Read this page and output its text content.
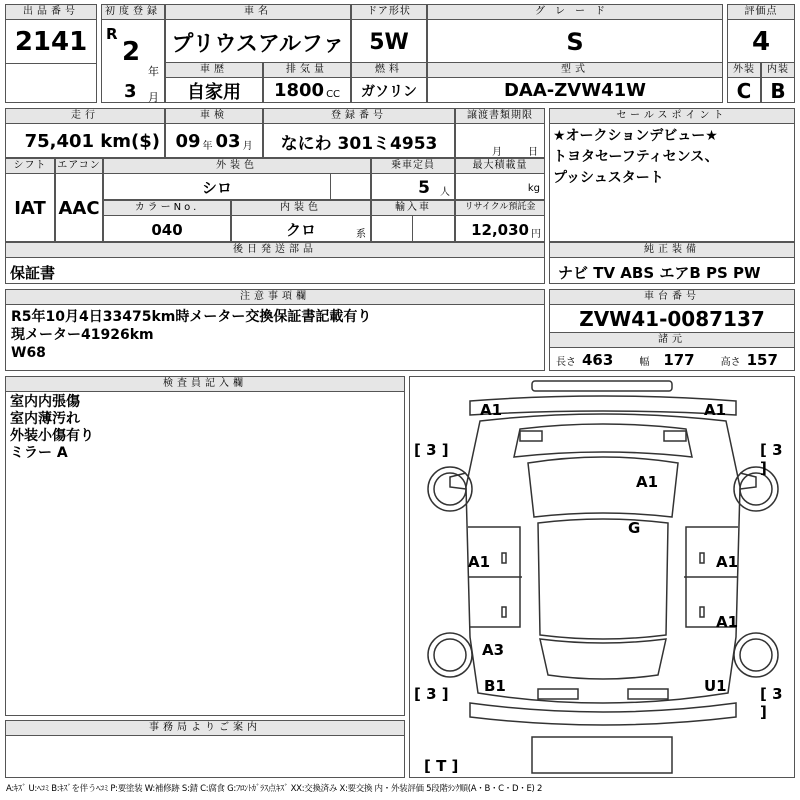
出品番号
2141
初度登録
R
2
年
3 月
車名
プリウスアルファ
ドア形状
5W
グレード
S
評価点
4
車歴
自家用
排気量
1800 CC
燃料
ガソリン
型式
DAA-ZVW41W
外装
C
内装
B
走行
75,401 km($)
車検
09 年 03 月
登録番号
なにわ 301ミ4953
譲渡書類期限
月	日
セールスポイント
★オークションデビュー★
トヨタセーフティセンス、
プッシュスタート
シフト
IAT
エアコン
AAC
外装色
シロ
乗車定員
5 人
最大積載量
kg
カラーNo.
040
内装色
クロ	系
輸入車	リサイクル預託金
12,030 円
後日発送部品
保証書
純正装備
ナビ TV ABS エアB PS PW
注意事項欄
R5年10月4日33475km時メーター交換保証書記載有り
現メーター41926km
W68
車台番号
ZVW41-0087137
諸元
長さ 463	幅 177	高さ 157
検査員記入欄
室内内張傷
室内薄汚れ
外装小傷有り
ミラー A
事務局よりご案内
[ 3 ]	[ 3 ]
[ 3 ]	[ 3 ]
[ T ]
A1	A1
A1
G
A1	A1
A1
A3
B1	U1
A:ｷｽﾞ U:ﾍｺﾐ B:ｷｽﾞを伴うﾍｺﾐ P:要塗装 W:補修跡 S:錆 C:腐食 G:ﾌﾛﾝﾄｶﾞﾗｽ点ｷｽﾞ XX:交換済み X:要交換 内・外装評価 5段階ﾗﾝｸ順(A・B・C・D・E) 2
